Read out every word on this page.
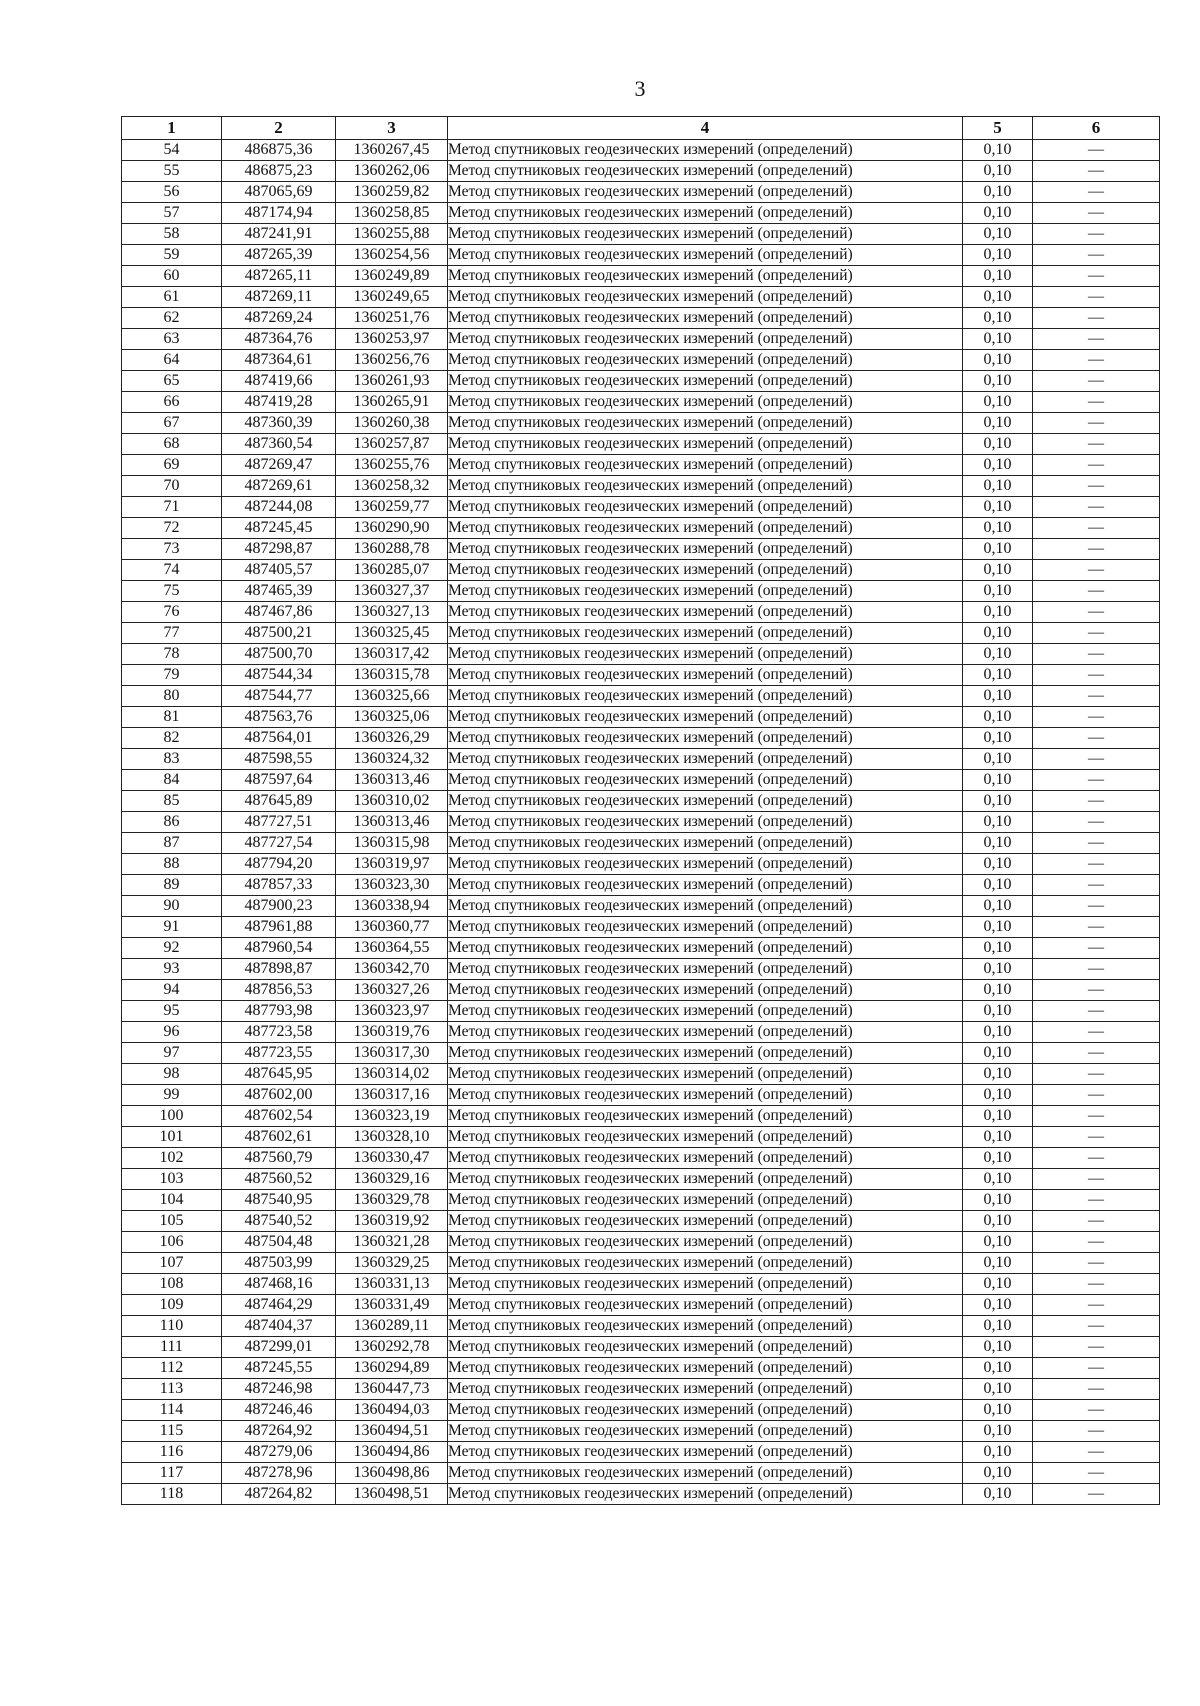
3
1	2	3	4	5	6
54	486875,36	1360267,45	Метод спутниковых геодезических измерений (определений)	0,10	—
55	486875,23	1360262,06	Метод спутниковых геодезических измерений (определений)	0,10	—
56	487065,69	1360259,82	Метод спутниковых геодезических измерений (определений)	0,10	—
57	487174,94	1360258,85	Метод спутниковых геодезических измерений (определений)	0,10	—
58	487241,91	1360255,88	Метод спутниковых геодезических измерений (определений)	0,10	—
59	487265,39	1360254,56	Метод спутниковых геодезических измерений (определений)	0,10	—
60	487265,11	1360249,89	Метод спутниковых геодезических измерений (определений)	0,10	—
61	487269,11	1360249,65	Метод спутниковых геодезических измерений (определений)	0,10	—
62	487269,24	1360251,76	Метод спутниковых геодезических измерений (определений)	0,10	—
63	487364,76	1360253,97	Метод спутниковых геодезических измерений (определений)	0,10	—
64	487364,61	1360256,76	Метод спутниковых геодезических измерений (определений)	0,10	—
65	487419,66	1360261,93	Метод спутниковых геодезических измерений (определений)	0,10	—
66	487419,28	1360265,91	Метод спутниковых геодезических измерений (определений)	0,10	—
67	487360,39	1360260,38	Метод спутниковых геодезических измерений (определений)	0,10	—
68	487360,54	1360257,87	Метод спутниковых геодезических измерений (определений)	0,10	—
69	487269,47	1360255,76	Метод спутниковых геодезических измерений (определений)	0,10	—
70	487269,61	1360258,32	Метод спутниковых геодезических измерений (определений)	0,10	—
71	487244,08	1360259,77	Метод спутниковых геодезических измерений (определений)	0,10	—
72	487245,45	1360290,90	Метод спутниковых геодезических измерений (определений)	0,10	—
73	487298,87	1360288,78	Метод спутниковых геодезических измерений (определений)	0,10	—
74	487405,57	1360285,07	Метод спутниковых геодезических измерений (определений)	0,10	—
75	487465,39	1360327,37	Метод спутниковых геодезических измерений (определений)	0,10	—
76	487467,86	1360327,13	Метод спутниковых геодезических измерений (определений)	0,10	—
77	487500,21	1360325,45	Метод спутниковых геодезических измерений (определений)	0,10	—
78	487500,70	1360317,42	Метод спутниковых геодезических измерений (определений)	0,10	—
79	487544,34	1360315,78	Метод спутниковых геодезических измерений (определений)	0,10	—
80	487544,77	1360325,66	Метод спутниковых геодезических измерений (определений)	0,10	—
81	487563,76	1360325,06	Метод спутниковых геодезических измерений (определений)	0,10	—
82	487564,01	1360326,29	Метод спутниковых геодезических измерений (определений)	0,10	—
83	487598,55	1360324,32	Метод спутниковых геодезических измерений (определений)	0,10	—
84	487597,64	1360313,46	Метод спутниковых геодезических измерений (определений)	0,10	—
85	487645,89	1360310,02	Метод спутниковых геодезических измерений (определений)	0,10	—
86	487727,51	1360313,46	Метод спутниковых геодезических измерений (определений)	0,10	—
87	487727,54	1360315,98	Метод спутниковых геодезических измерений (определений)	0,10	—
88	487794,20	1360319,97	Метод спутниковых геодезических измерений (определений)	0,10	—
89	487857,33	1360323,30	Метод спутниковых геодезических измерений (определений)	0,10	—
90	487900,23	1360338,94	Метод спутниковых геодезических измерений (определений)	0,10	—
91	487961,88	1360360,77	Метод спутниковых геодезических измерений (определений)	0,10	—
92	487960,54	1360364,55	Метод спутниковых геодезических измерений (определений)	0,10	—
93	487898,87	1360342,70	Метод спутниковых геодезических измерений (определений)	0,10	—
94	487856,53	1360327,26	Метод спутниковых геодезических измерений (определений)	0,10	—
95	487793,98	1360323,97	Метод спутниковых геодезических измерений (определений)	0,10	—
96	487723,58	1360319,76	Метод спутниковых геодезических измерений (определений)	0,10	—
97	487723,55	1360317,30	Метод спутниковых геодезических измерений (определений)	0,10	—
98	487645,95	1360314,02	Метод спутниковых геодезических измерений (определений)	0,10	—
99	487602,00	1360317,16	Метод спутниковых геодезических измерений (определений)	0,10	—
100	487602,54	1360323,19	Метод спутниковых геодезических измерений (определений)	0,10	—
101	487602,61	1360328,10	Метод спутниковых геодезических измерений (определений)	0,10	—
102	487560,79	1360330,47	Метод спутниковых геодезических измерений (определений)	0,10	—
103	487560,52	1360329,16	Метод спутниковых геодезических измерений (определений)	0,10	—
104	487540,95	1360329,78	Метод спутниковых геодезических измерений (определений)	0,10	—
105	487540,52	1360319,92	Метод спутниковых геодезических измерений (определений)	0,10	—
106	487504,48	1360321,28	Метод спутниковых геодезических измерений (определений)	0,10	—
107	487503,99	1360329,25	Метод спутниковых геодезических измерений (определений)	0,10	—
108	487468,16	1360331,13	Метод спутниковых геодезических измерений (определений)	0,10	—
109	487464,29	1360331,49	Метод спутниковых геодезических измерений (определений)	0,10	—
110	487404,37	1360289,11	Метод спутниковых геодезических измерений (определений)	0,10	—
111	487299,01	1360292,78	Метод спутниковых геодезических измерений (определений)	0,10	—
112	487245,55	1360294,89	Метод спутниковых геодезических измерений (определений)	0,10	—
113	487246,98	1360447,73	Метод спутниковых геодезических измерений (определений)	0,10	—
114	487246,46	1360494,03	Метод спутниковых геодезических измерений (определений)	0,10	—
115	487264,92	1360494,51	Метод спутниковых геодезических измерений (определений)	0,10	—
116	487279,06	1360494,86	Метод спутниковых геодезических измерений (определений)	0,10	—
117	487278,96	1360498,86	Метод спутниковых геодезических измерений (определений)	0,10	—
118	487264,82	1360498,51	Метод спутниковых геодезических измерений (определений)	0,10	—
